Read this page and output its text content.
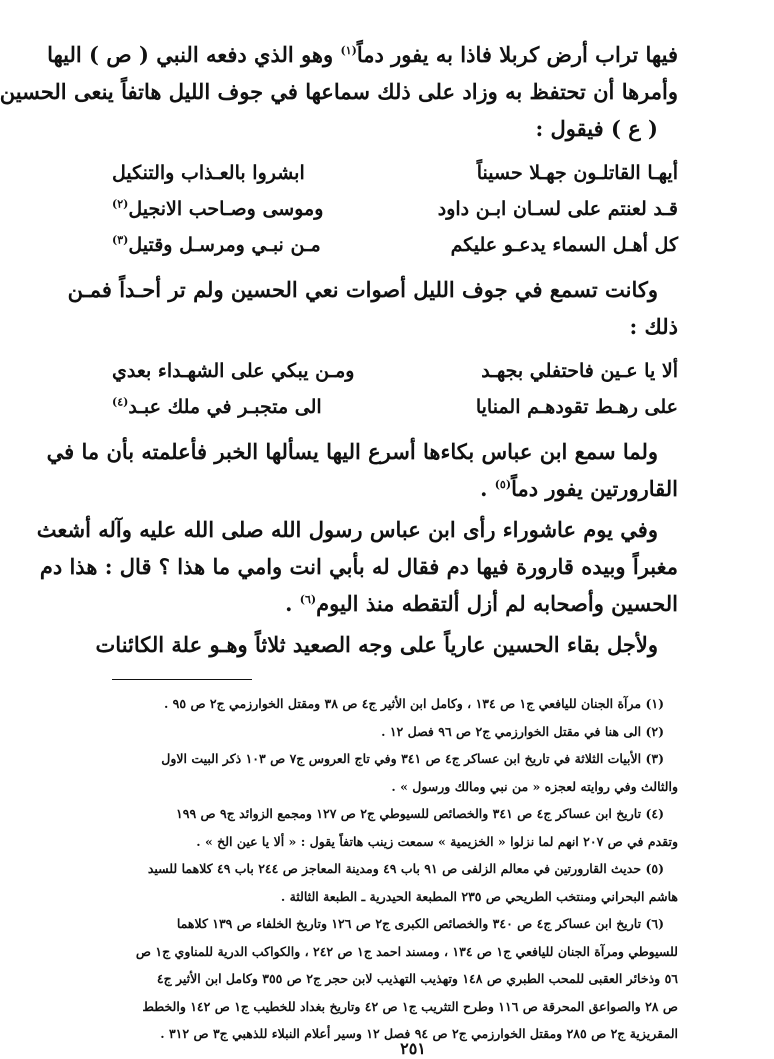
فيها تراب أرض كربلا فاذا به يفور دماً$^{(١)}$ وهو الذي دفعه النبي ( ص ) اليها

وأمرها أن تحتفظ به وزاد على ذلك سماعها في جوف الليل هاتفاً ينعى الحسين

( ع ) فيقول :

أيهـا القاتلـون جهـلا حسيناً
ابشروا بالعـذاب والتنكيل
قـد لعنتم على لسـان ابـن داود
وموسى وصـاحب الانجيل$^{(٢)}$
كل أهـل السماء يدعـو عليكم
مـن نبـي ومرسـل وقتيل$^{(٣)}$

وكانت تسمع في جوف الليل أصوات نعي الحسين ولم تر أحـداً فمـن

ذلك :

ألا يا عـين فاحتفلي بجهـد
ومـن يبكي على الشهـداء بعدي
على رهـط تقودهـم المنايا
الى متجبـر في ملك عبـد$^{(٤)}$

ولما سمع ابن عباس بكاءها أسرع اليها يسألها الخبر فأعلمته بأن ما في

القارورتين يفور دماً$^{(٥)}$ .

وفي يوم عاشوراء رأى ابن عباس رسول الله صلى الله عليه وآله أشعث

مغبراً وبيده قارورة فيها دم فقال له بأبي انت وامي ما هذا ؟ قال : هذا دم

الحسين وأصحابه لم أزل ألتقطه منذ اليوم$^{(٦)}$ .

ولأجل بقاء الحسين عارياً على وجه الصعيد ثلاثاً وهـو علة الكائنات

(١) مرآة الجنان لليافعي ج١ ص ١٣٤ ، وكامل ابن الأثير ج٤ ص ٣٨ ومقتل الخوارزمي ج٢ ص ٩٥ .

(٢) الى هنا في مقتل الخوارزمي ج٢ ص ٩٦ فصل ١٢ .

(٣) الأبيات الثلاثة في تاريخ ابن عساكر ج٤ ص ٣٤١ وفي تاج العروس ج٧ ص ١٠٣ ذكر البيت الاول

والثالث وفي روايته لعجزه « من نبي ومالك ورسول » .

(٤) تاريخ ابن عساكر ج٤ ص ٣٤١ والخصائص للسيوطي ج٢ ص ١٢٧ ومجمع الزوائد ج٩ ص ١٩٩

وتقدم في ص ٢٠٧ انهم لما نزلوا « الخزيمية » سمعت زينب هاتفاً يقول : « ألا يا عين الخ » .

(٥) حديث القارورتين في معالم الزلفى ص ٩١ باب ٤٩ ومدينة المعاجز ص ٢٤٤ باب ٤٩ كلاهما للسيد

هاشم البحراني ومنتخب الطريحي ص ٢٣٥ المطبعة الحيدرية ـ الطبعة الثالثة .

(٦) تاريخ ابن عساكر ج٤ ص ٣٤٠ والخصائص الكبرى ج٢ ص ١٢٦ وتاريخ الخلفاء ص ١٣٩ كلاهما

للسيوطي ومرآة الجنان لليافعي ج١ ص ١٣٤ ، ومسند احمد ج١ ص ٢٤٢ ، والكواكب الدرية للمناوي ج١ ص

٥٦ وذخائر العقبى للمحب الطبري ص ١٤٨ وتهذيب التهذيب لابن حجر ج٢ ص ٣٥٥ وكامل ابن الأثير ج٤

ص ٢٨ والصواعق المحرقة ص ١١٦ وطرح التثريب ج١ ص ٤٢ وتاريخ بغداد للخطيب ج١ ص ١٤٢ والخطط

المقريزية ج٢ ص ٢٨٥ ومقتل الخوارزمي ج٢ ص ٩٤ فصل ١٢ وسير أعلام النبلاء للذهبي ج٣ ص ٣١٢ .

٢٥١
